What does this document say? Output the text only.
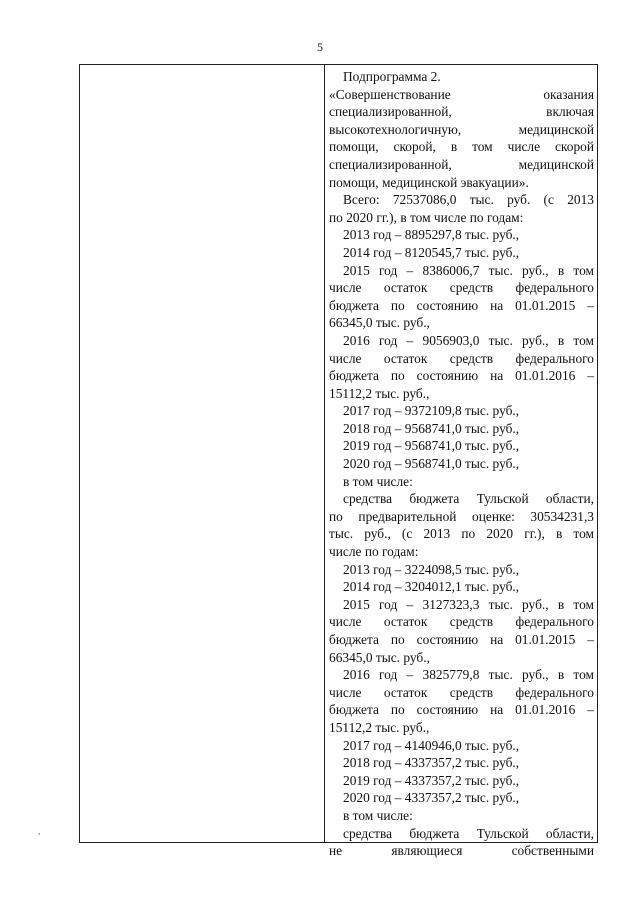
5

Подпрограмма 2.

«Совершенствование оказания

специализированной, включая

высокотехнологичную, медицинской

помощи, скорой, в том числе скорой

специализированной, медицинской

помощи, медицинской эвакуации».

Всего: 72537086,0 тыс. руб. (с 2013

по 2020 гг.), в том числе по годам:

2013 год – 8895297,8 тыс. руб.,

2014 год – 8120545,7 тыс. руб.,

2015 год – 8386006,7 тыс. руб., в том

числе остаток средств федерального

бюджета по состоянию на 01.01.2015 –

66345,0 тыс. руб.,

2016 год – 9056903,0 тыс. руб., в том

числе остаток средств федерального

бюджета по состоянию на 01.01.2016 –

15112,2 тыс. руб.,

2017 год – 9372109,8 тыс. руб.,

2018 год – 9568741,0 тыс. руб.,

2019 год – 9568741,0 тыс. руб.,

2020 год – 9568741,0 тыс. руб.,

в том числе:

средства бюджета Тульской области,

по предварительной оценке: 30534231,3

тыс. руб., (с 2013 по 2020 гг.), в том

числе по годам:

2013 год – 3224098,5 тыс. руб.,

2014 год – 3204012,1 тыс. руб.,

2015 год – 3127323,3 тыс. руб., в том

числе остаток средств федерального

бюджета по состоянию на 01.01.2015 –

66345,0 тыс. руб.,

2016 год – 3825779,8 тыс. руб., в том

числе остаток средств федерального

бюджета по состоянию на 01.01.2016 –

15112,2 тыс. руб.,

2017 год – 4140946,0 тыс. руб.,

2018 год – 4337357,2 тыс. руб.,

2019 год – 4337357,2 тыс. руб.,

2020 год – 4337357,2 тыс. руб.,

в том числе:

средства бюджета Тульской области,

не являющиеся собственными

,
